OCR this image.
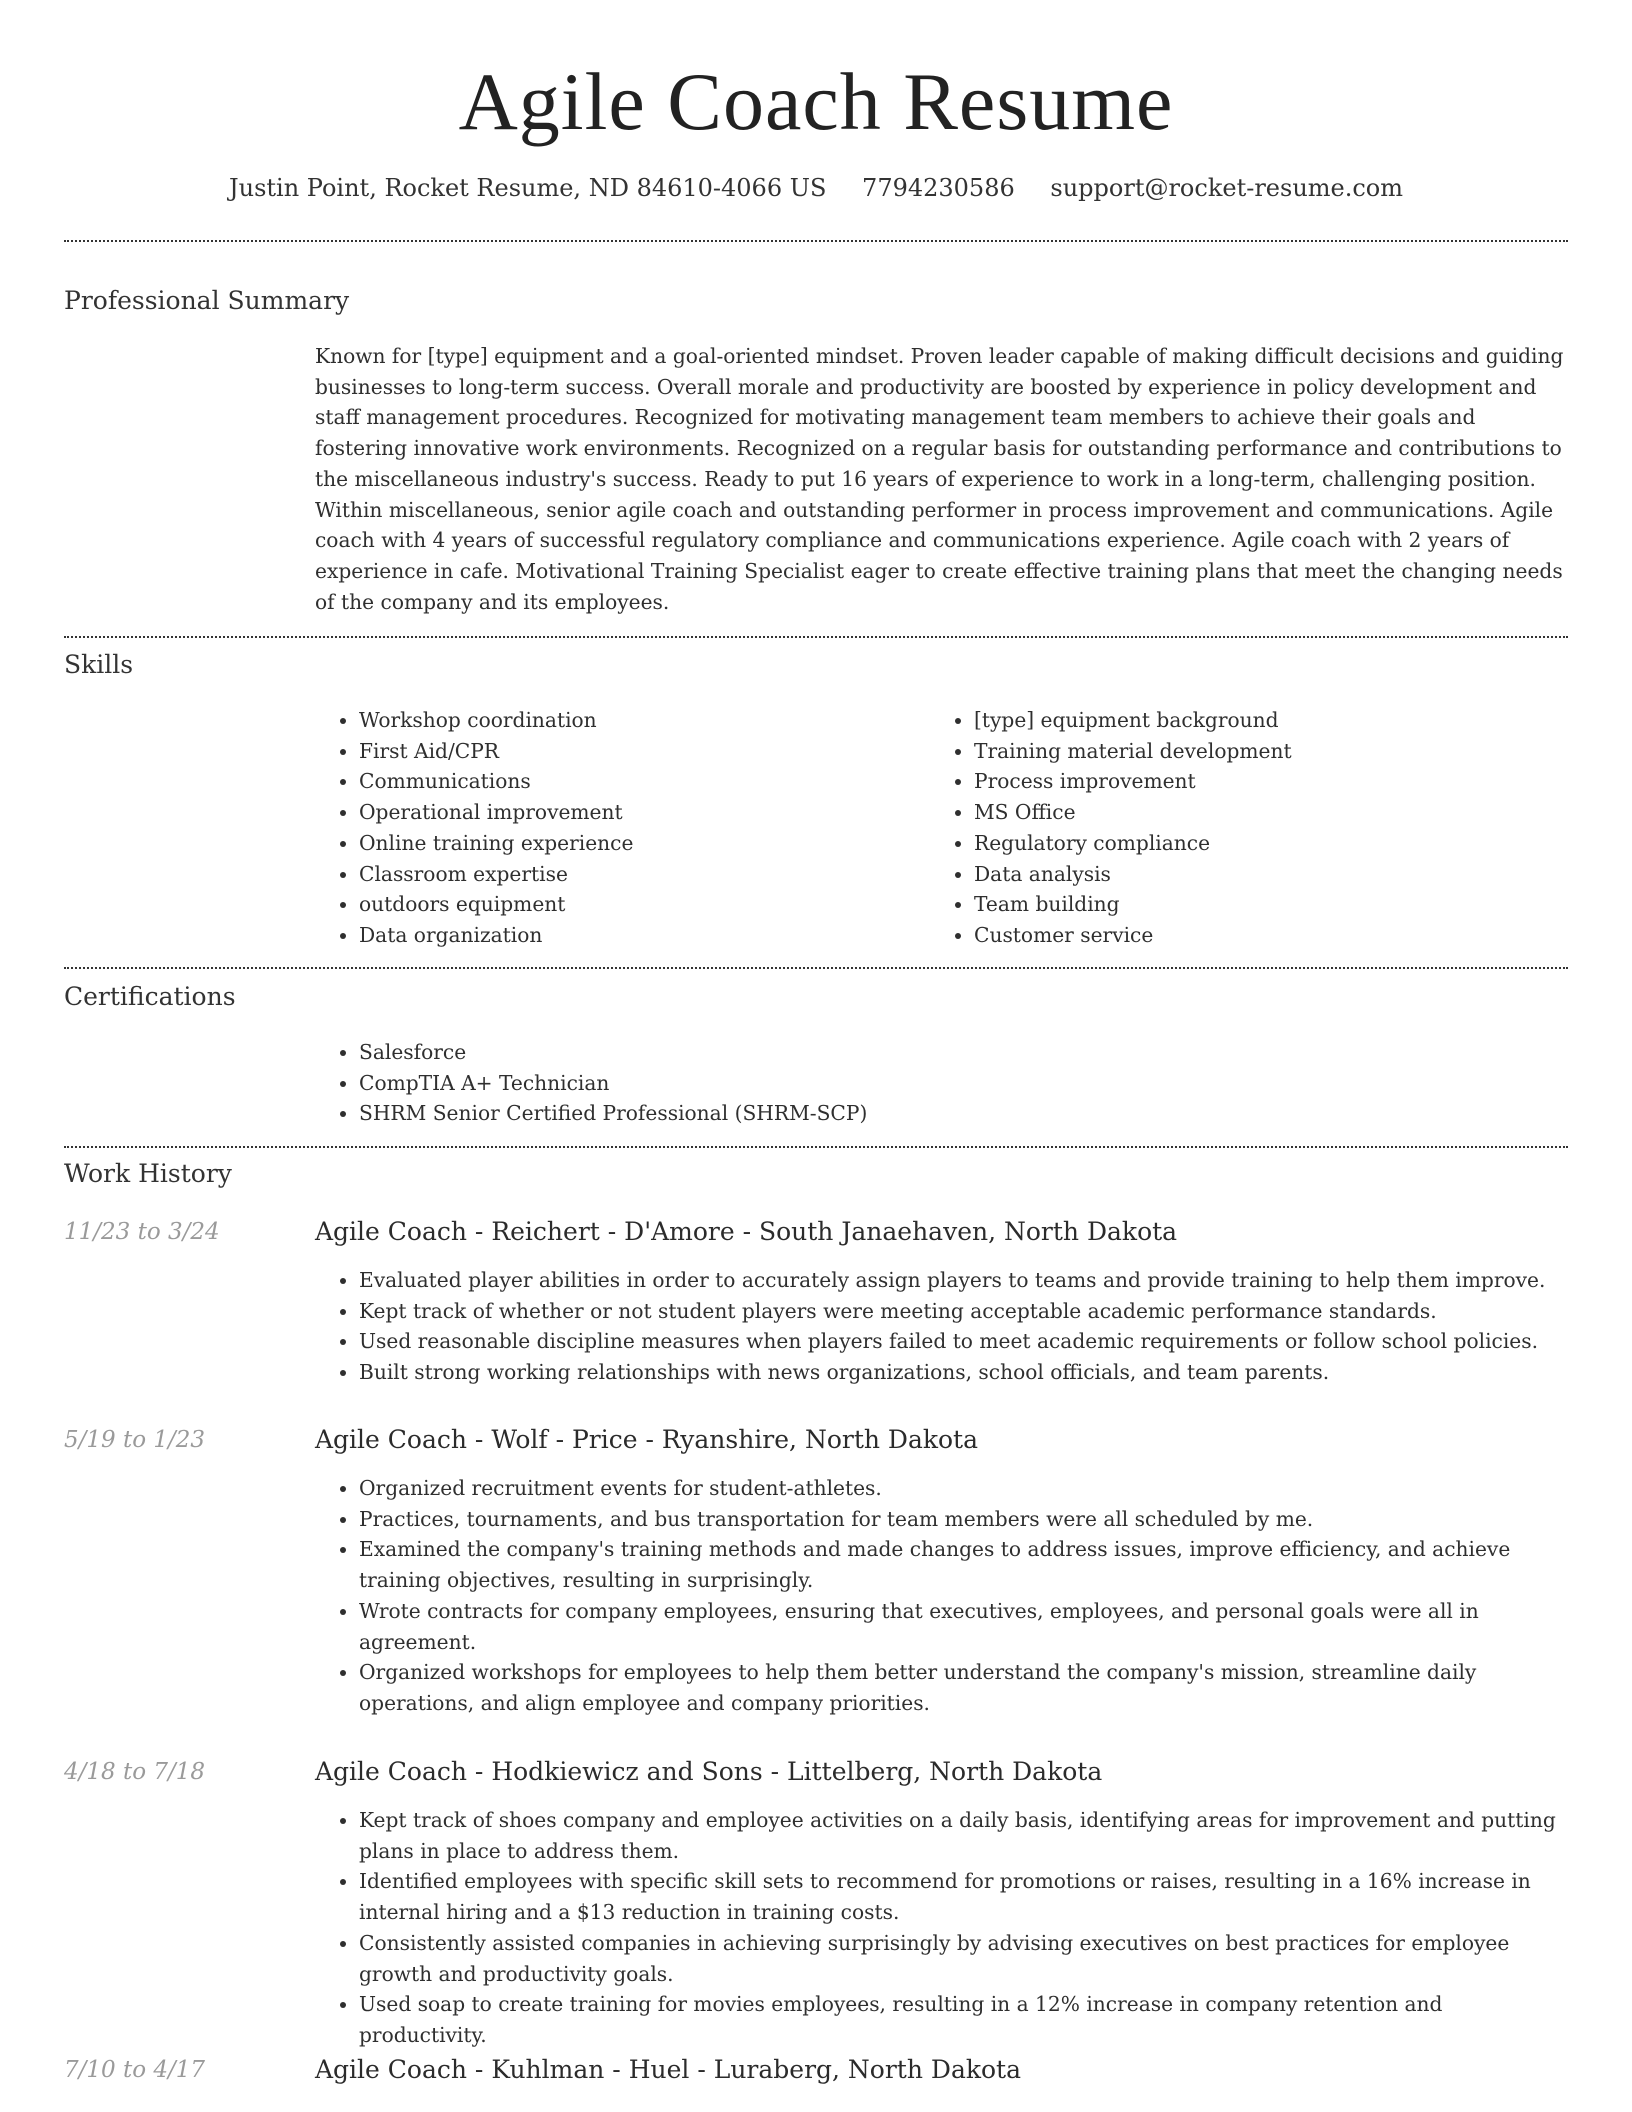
Agile Coach Resume
Justin Point, Rocket Resume, ND 84610-4066 US 7794230586 support@rocket-resume.com
Professional Summary
Known for [type] equipment and a goal-oriented mindset. Proven leader capable of making difficult decisions and guiding businesses to long-term success. Overall morale and productivity are boosted by experience in policy development and staff management procedures. Recognized for motivating management team members to achieve their goals and fostering innovative work environments. Recognized on a regular basis for outstanding performance and contributions to the miscellaneous industry's success. Ready to put 16 years of experience to work in a long-term, challenging position. Within miscellaneous, senior agile coach and outstanding performer in process improvement and communications. Agile coach with 4 years of successful regulatory compliance and communications experience. Agile coach with 2 years of experience in cafe. Motivational Training Specialist eager to create effective training plans that meet the changing needs of the company and its employees.
Skills
• Workshop coordination
• First Aid/CPR
• Communications
• Operational improvement
• Online training experience
• Classroom expertise
• outdoors equipment
• Data organization
• [type] equipment background
• Training material development
• Process improvement
• MS Office
• Regulatory compliance
• Data analysis
• Team building
• Customer service
Certifications
• Salesforce
• CompTIA A+ Technician
• SHRM Senior Certified Professional (SHRM-SCP)
Work History
11/23 to 3/24	Agile Coach - Reichert - D'Amore - South Janaehaven, North Dakota
• Evaluated player abilities in order to accurately assign players to teams and provide training to help them improve.
• Kept track of whether or not student players were meeting acceptable academic performance standards.
• Used reasonable discipline measures when players failed to meet academic requirements or follow school policies.
• Built strong working relationships with news organizations, school officials, and team parents.
5/19 to 1/23	Agile Coach - Wolf - Price - Ryanshire, North Dakota
• Organized recruitment events for student-athletes.
• Practices, tournaments, and bus transportation for team members were all scheduled by me.
• Examined the company's training methods and made changes to address issues, improve efficiency, and achieve training objectives, resulting in surprisingly.
• Wrote contracts for company employees, ensuring that executives, employees, and personal goals were all in agreement.
• Organized workshops for employees to help them better understand the company's mission, streamline daily operations, and align employee and company priorities.
4/18 to 7/18	Agile Coach - Hodkiewicz and Sons - Littelberg, North Dakota
• Kept track of shoes company and employee activities on a daily basis, identifying areas for improvement and putting plans in place to address them.
• Identified employees with specific skill sets to recommend for promotions or raises, resulting in a 16% increase in internal hiring and a $13 reduction in training costs.
• Consistently assisted companies in achieving surprisingly by advising executives on best practices for employee growth and productivity goals.
• Used soap to create training for movies employees, resulting in a 12% increase in company retention and productivity.
7/10 to 4/17	Agile Coach - Kuhlman - Huel - Luraberg, North Dakota
